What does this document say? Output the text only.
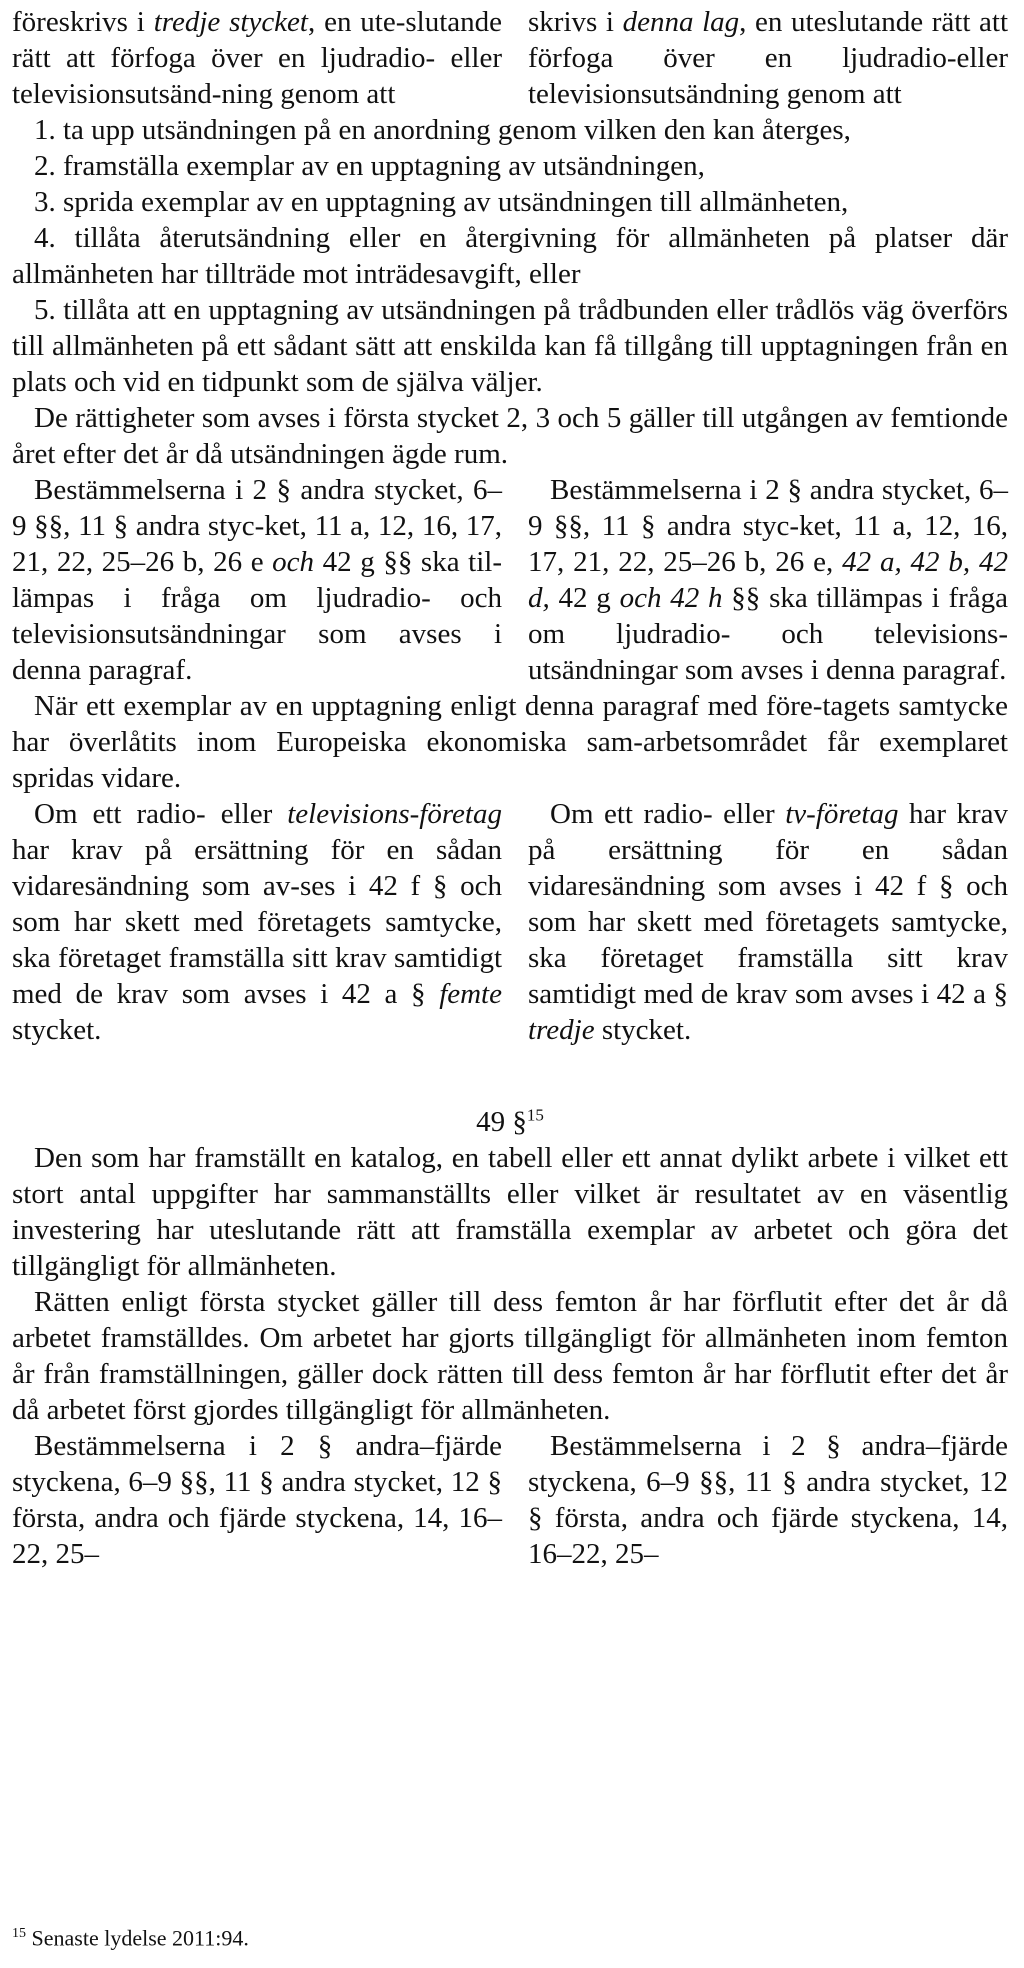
föreskrivs i tredje stycket, en ute-slutande rätt att förfoga över en ljudradio- eller televisionsutsänd-ning genom att
skrivs i denna lag, en uteslutande rätt att förfoga över en ljudradio-eller televisionsutsändning genom att

1. ta upp utsändningen på en anordning genom vilken den kan återges,

2. framställa exemplar av en upptagning av utsändningen,

3. sprida exemplar av en upptagning av utsändningen till allmänheten,

4. tillåta återutsändning eller en återgivning för allmänheten på platser där allmänheten har tillträde mot inträdesavgift, eller

5. tillåta att en upptagning av utsändningen på trådbunden eller trådlös väg överförs till allmänheten på ett sådant sätt att enskilda kan få tillgång till upptagningen från en plats och vid en tidpunkt som de själva väljer.

De rättigheter som avses i första stycket 2, 3 och 5 gäller till utgången av femtionde året efter det år då utsändningen ägde rum.

Bestämmelserna i 2 § andra stycket, 6–9 §§, 11 § andra styc-ket, 11 a, 12, 16, 17, 21, 22, 25–26 b, 26 e och 42 g §§ ska til-lämpas i fråga om ljudradio- och televisionsutsändningar som avses i denna paragraf.
Bestämmelserna i 2 § andra stycket, 6–9 §§, 11 § andra styc-ket, 11 a, 12, 16, 17, 21, 22, 25–26 b, 26 e, 42 a, 42 b, 42 d, 42 g och 42 h §§ ska tillämpas i fråga om ljudradio- och televisions-utsändningar som avses i denna paragraf.

När ett exemplar av en upptagning enligt denna paragraf med före-tagets samtycke har överlåtits inom Europeiska ekonomiska sam-arbetsområdet får exemplaret spridas vidare.

Om ett radio- eller televisions-företag har krav på ersättning för en sådan vidaresändning som av-ses i 42 f § och som har skett med företagets samtycke, ska företaget framställa sitt krav samtidigt med de krav som avses i 42 a § femte stycket.
Om ett radio- eller tv-företag har krav på ersättning för en sådan vidaresändning som avses i 42 f § och som har skett med företagets samtycke, ska företaget framställa sitt krav samtidigt med de krav som avses i 42 a § tredje stycket.
49 §$^{15}$

Den som har framställt en katalog, en tabell eller ett annat dylikt arbete i vilket ett stort antal uppgifter har sammanställts eller vilket är resultatet av en väsentlig investering har uteslutande rätt att framställa exemplar av arbetet och göra det tillgängligt för allmänheten.

Rätten enligt första stycket gäller till dess femton år har förflutit efter det år då arbetet framställdes. Om arbetet har gjorts tillgängligt för allmänheten inom femton år från framställningen, gäller dock rätten till dess femton år har förflutit efter det år då arbetet först gjordes tillgängligt för allmänheten.

Bestämmelserna i 2 § andra–fjärde styckena, 6–9 §§, 11 § andra stycket, 12 § första, andra och fjärde styckena, 14, 16–22, 25–
Bestämmelserna i 2 § andra–fjärde styckena, 6–9 §§, 11 § andra stycket, 12 § första, andra och fjärde styckena, 14, 16–22, 25–
$^{15}$ Senaste lydelse 2011:94.
